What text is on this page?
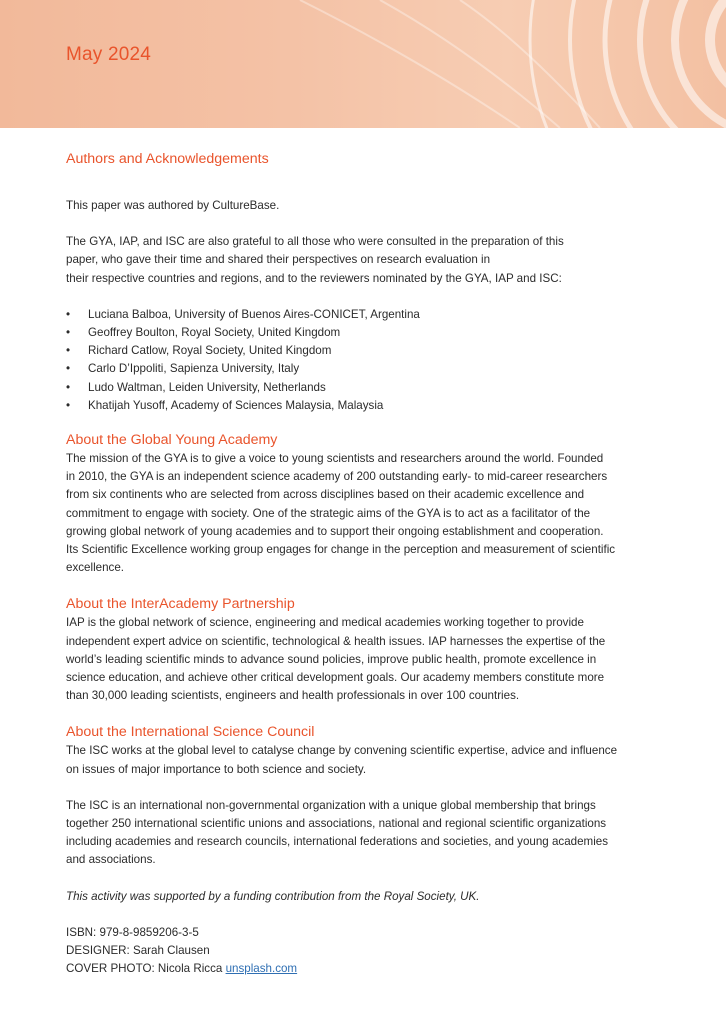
May 2024
Authors and Acknowledgements

This paper was authored by CultureBase.

The GYA, IAP, and ISC are also grateful to all those who were consulted in the preparation of this

paper, who gave their time and shared their perspectives on research evaluation in

their respective countries and regions, and to the reviewers nominated by the GYA, IAP and ISC:

• Luciana Balboa, University of Buenos Aires-CONICET, Argentina
• Geoffrey Boulton, Royal Society, United Kingdom
• Richard Catlow, Royal Society, United Kingdom
• Carlo D’Ippoliti, Sapienza University, Italy
• Ludo Waltman, Leiden University, Netherlands
• Khatijah Yusoff, Academy of Sciences Malaysia, Malaysia
About the Global Young Academy

The mission of the GYA is to give a voice to young scientists and researchers around the world. Founded

in 2010, the GYA is an independent science academy of 200 outstanding early- to mid-career researchers

from six continents who are selected from across disciplines based on their academic excellence and

commitment to engage with society. One of the strategic aims of the GYA is to act as a facilitator of the

growing global network of young academies and to support their ongoing establishment and cooperation.

Its Scientific Excellence working group engages for change in the perception and measurement of scientific

excellence.

About the InterAcademy Partnership

IAP is the global network of science, engineering and medical academies working together to provide

independent expert advice on scientific, technological & health issues. IAP harnesses the expertise of the

world’s leading scientific minds to advance sound policies, improve public health, promote excellence in

science education, and achieve other critical development goals. Our academy members constitute more

than 30,000 leading scientists, engineers and health professionals in over 100 countries.

About the International Science Council

The ISC works at the global level to catalyse change by convening scientific expertise, advice and influence

on issues of major importance to both science and society.

The ISC is an international non-governmental organization with a unique global membership that brings

together 250 international scientific unions and associations, national and regional scientific organizations

including academies and research councils, international federations and societies, and young academies

and associations.

This activity was supported by a funding contribution from the Royal Society, UK.

ISBN: 979-8-9859206-3-5

DESIGNER: Sarah Clausen

COVER PHOTO: Nicola Ricca unsplash.com
